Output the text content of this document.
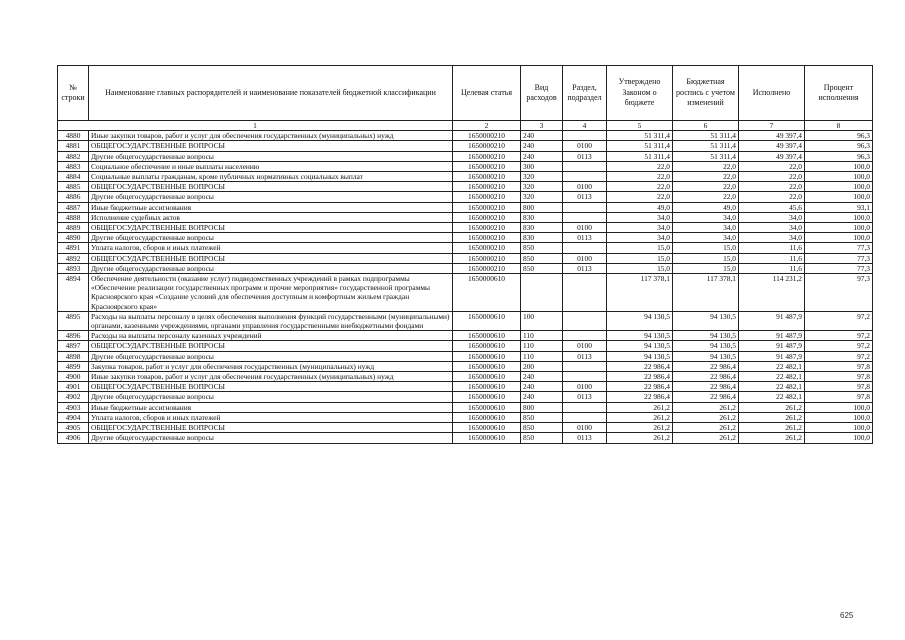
№ строки	Наименование главных распорядителей и наименование показателей бюджетной классификации	Целевая статья	Вид расходов	Раздел, подраздел	Утверждено Законом о бюджете	Бюджетная роспись с учетом изменений	Исполнено	Процент исполнения
1		2	3	4	5	6	7	8
4880	Иные закупки товаров, работ и услуг для обеспечения государственных (муниципальных) нужд	1650000210	240		51 311,4	51 311,4	49 397,4	96,3
4881	ОБЩЕГОСУДАРСТВЕННЫЕ ВОПРОСЫ	1650000210	240	0100	51 311,4	51 311,4	49 397,4	96,3
4882	Другие общегосударственные вопросы	1650000210	240	0113	51 311,4	51 311,4	49 397,4	96,3
4883	Социальное обеспечение и иные выплаты населению	1650000210	300		22,0	22,0	22,0	100,0
4884	Социальные выплаты гражданам, кроме публичных нормативных социальных выплат	1650000210	320		22,0	22,0	22,0	100,0
4885	ОБЩЕГОСУДАРСТВЕННЫЕ ВОПРОСЫ	1650000210	320	0100	22,0	22,0	22,0	100,0
4886	Другие общегосударственные вопросы	1650000210	320	0113	22,0	22,0	22,0	100,0
4887	Иные бюджетные ассигнования	1650000210	800		49,0	49,0	45,6	93,1
4888	Исполнение судебных актов	1650000210	830		34,0	34,0	34,0	100,0
4889	ОБЩЕГОСУДАРСТВЕННЫЕ ВОПРОСЫ	1650000210	830	0100	34,0	34,0	34,0	100,0
4890	Другие общегосударственные вопросы	1650000210	830	0113	34,0	34,0	34,0	100,0
4891	Уплата налогов, сборов и иных платежей	1650000210	850		15,0	15,0	11,6	77,3
4892	ОБЩЕГОСУДАРСТВЕННЫЕ ВОПРОСЫ	1650000210	850	0100	15,0	15,0	11,6	77,3
4893	Другие общегосударственные вопросы	1650000210	850	0113	15,0	15,0	11,6	77,3
4894	Обеспечение деятельности (оказание услуг) подведомственных учреждений в рамках подпрограммы «Обеспечение реализации государственных программ и прочие мероприятия» государственной программы Красноярского края «Создание условий для обеспечения доступным и комфортным жильем граждан Красноярского края»	1650000610			117 378,1	117 378,1	114 231,2	97,3
4895	Расходы на выплаты персоналу в целях обеспечения выполнения функций государственными (муниципальными) органами, казенными учреждениями, органами управления государственными внебюджетными фондами	1650000610	100		94 130,5	94 130,5	91 487,9	97,2
4896	Расходы на выплаты персоналу казенных учреждений	1650000610	110		94 130,5	94 130,5	91 487,9	97,2
4897	ОБЩЕГОСУДАРСТВЕННЫЕ ВОПРОСЫ	1650000610	110	0100	94 130,5	94 130,5	91 487,9	97,2
4898	Другие общегосударственные вопросы	1650000610	110	0113	94 130,5	94 130,5	91 487,9	97,2
4899	Закупка товаров, работ и услуг для обеспечения государственных (муниципальных) нужд	1650000610	200		22 986,4	22 986,4	22 482,1	97,8
4900	Иные закупки товаров, работ и услуг для обеспечения государственных (муниципальных) нужд	1650000610	240		22 986,4	22 986,4	22 482,1	97,8
4901	ОБЩЕГОСУДАРСТВЕННЫЕ ВОПРОСЫ	1650000610	240	0100	22 986,4	22 986,4	22 482,1	97,8
4902	Другие общегосударственные вопросы	1650000610	240	0113	22 986,4	22 986,4	22 482,1	97,8
4903	Иные бюджетные ассигнования	1650000610	800		261,2	261,2	261,2	100,0
4904	Уплата налогов, сборов и иных платежей	1650000610	850		261,2	261,2	261,2	100,0
4905	ОБЩЕГОСУДАРСТВЕННЫЕ ВОПРОСЫ	1650000610	850	0100	261,2	261,2	261,2	100,0
4906	Другие общегосударственные вопросы	1650000610	850	0113	261,2	261,2	261,2	100,0
625
